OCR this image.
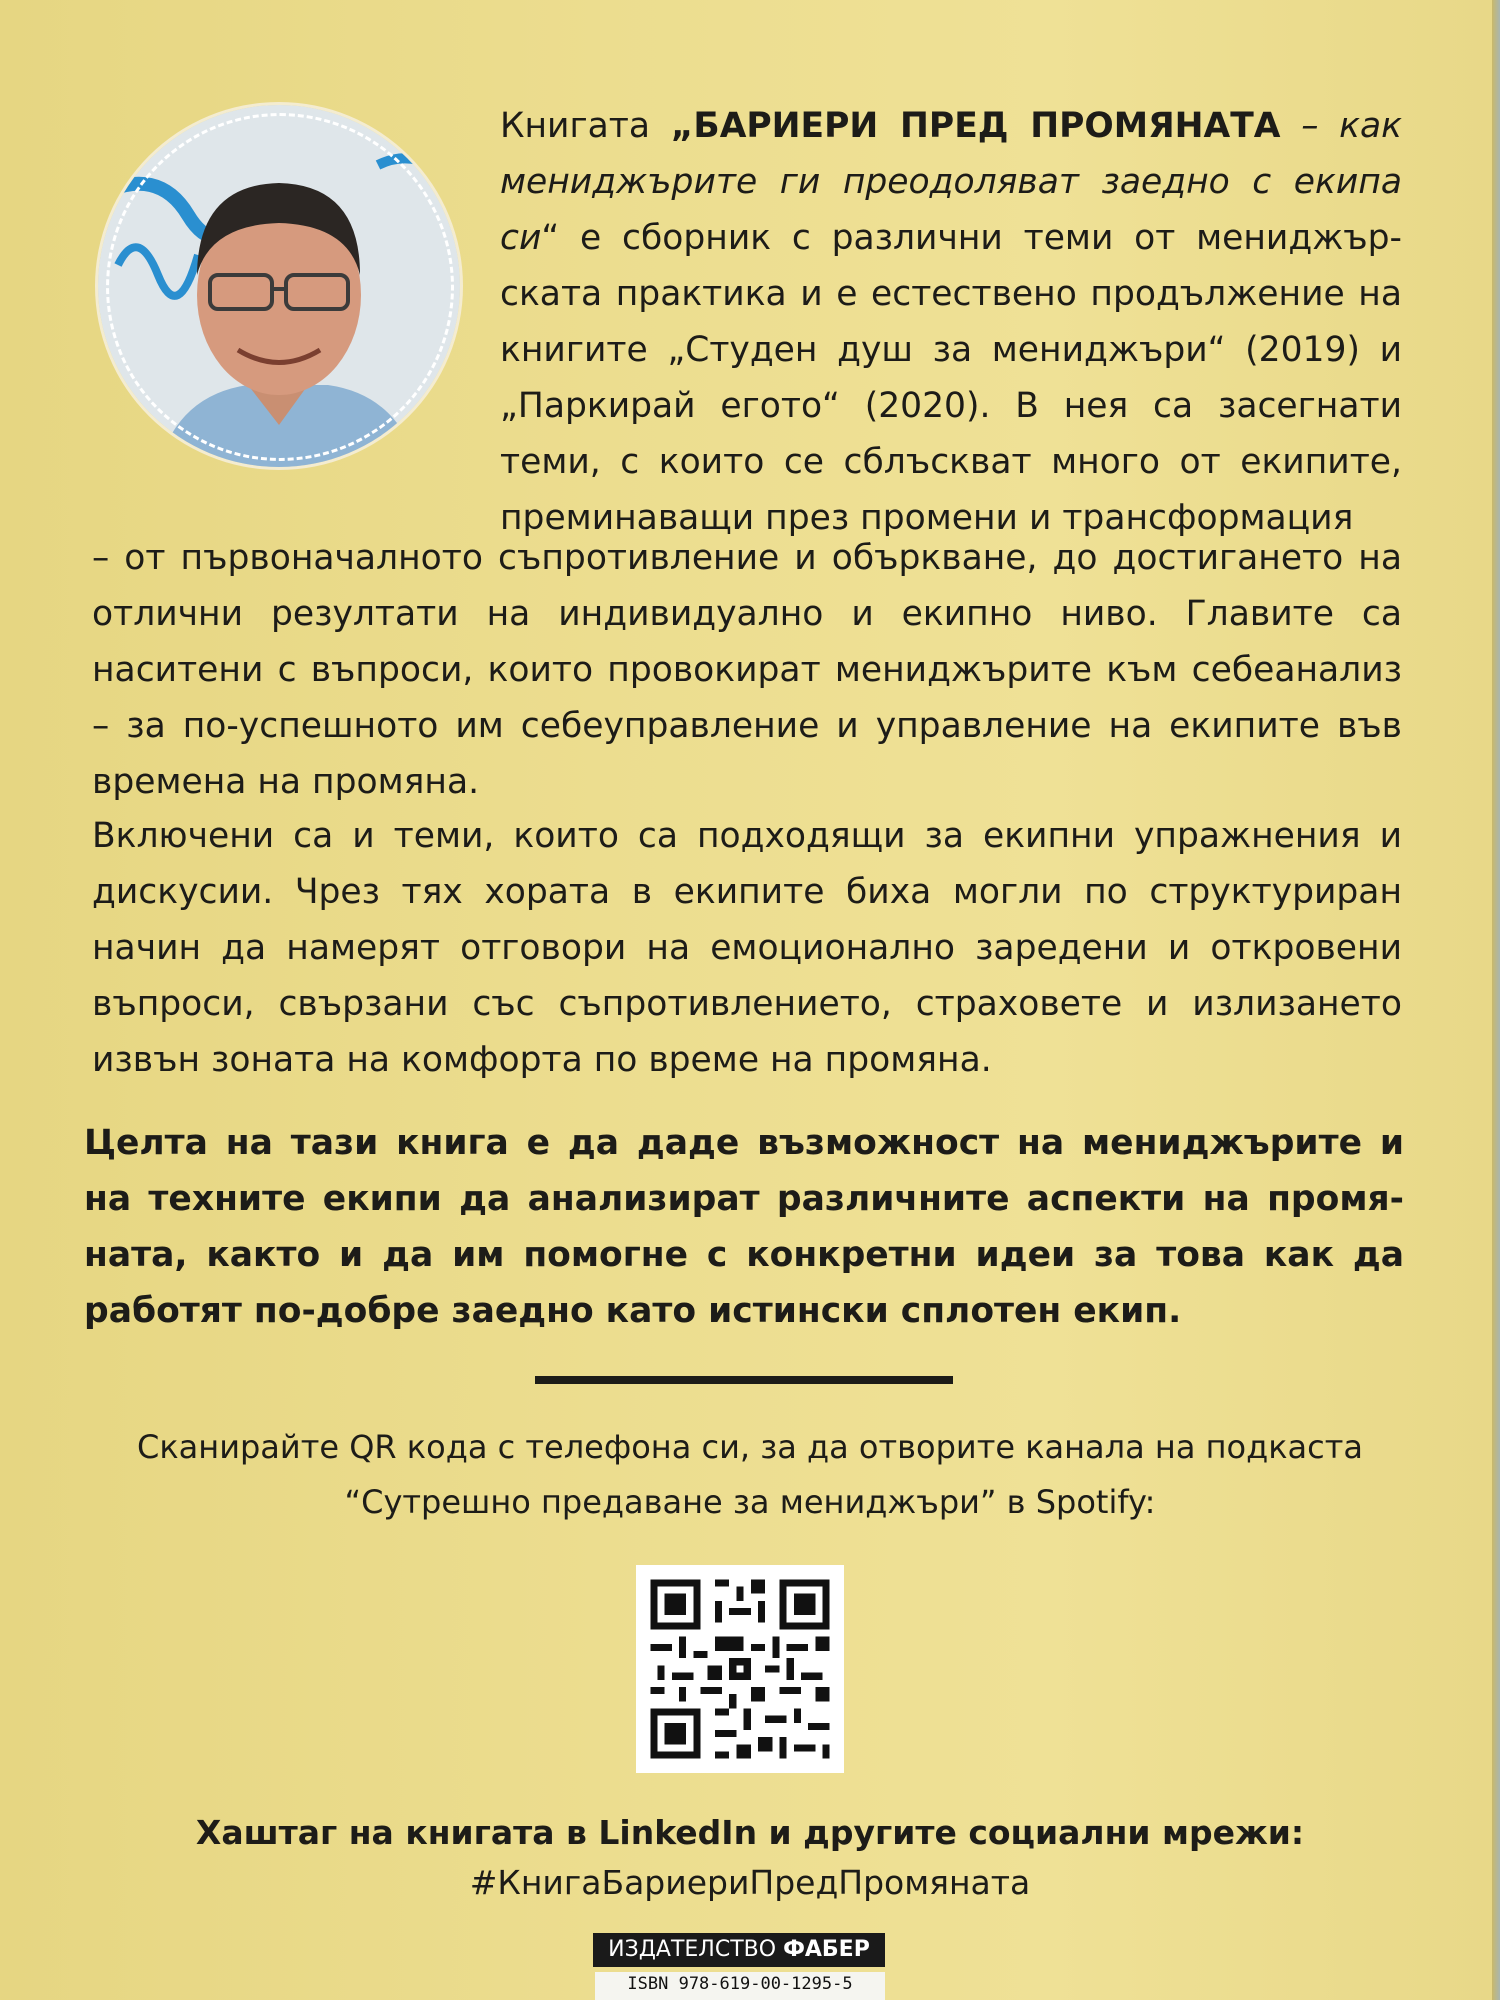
Книгата „БАРИЕРИ ПРЕД ПРОМЯНАТА – как мениджърите ги преодоляват заедно с екипа си“ е сборник с различни теми от мениджър-ската практика и е естествено продължение на книгите „Студен душ за мениджъри“ (2019) и „Паркирай егото“ (2020). В нея са засегнати теми, с които се сблъскват много от екипите, преминаващи през промени и трансформация
– от първоначалното съпротивление и объркване, до достигането на отлични резултати на индивидуално и екипно ниво. Главите са наситени с въпроси, които провокират мениджърите към себеанализ – за по-успешното им себеуправление и управление на екипите във времена на промяна.
Включени са и теми, които са подходящи за екипни упражнения и дискусии. Чрез тях хората в екипите биха могли по структуриран начин да намерят отговори на емоционално заредени и откровени въпроси, свързани със съпротивлението, страховете и излизането извън зоната на комфорта по време на промяна.
Целта на тази книга е да даде възможност на мениджърите и на техните екипи да анализират различните аспекти на промя-ната, както и да им помогне с конкретни идеи за това как да работят по-добре заедно като истински сплотен екип.
Сканирайте QR кода с телефона си, за да отворите канала на подкаста
“Сутрешно предаване за мениджъри” в Spotify:
Хаштаг на книгата в LinkedIn и другите социални мрежи:
#КнигаБариериПредПромяната
ИЗДАТЕЛСТВО ФАБЕР
ISBN 978-619-00-1295-5
